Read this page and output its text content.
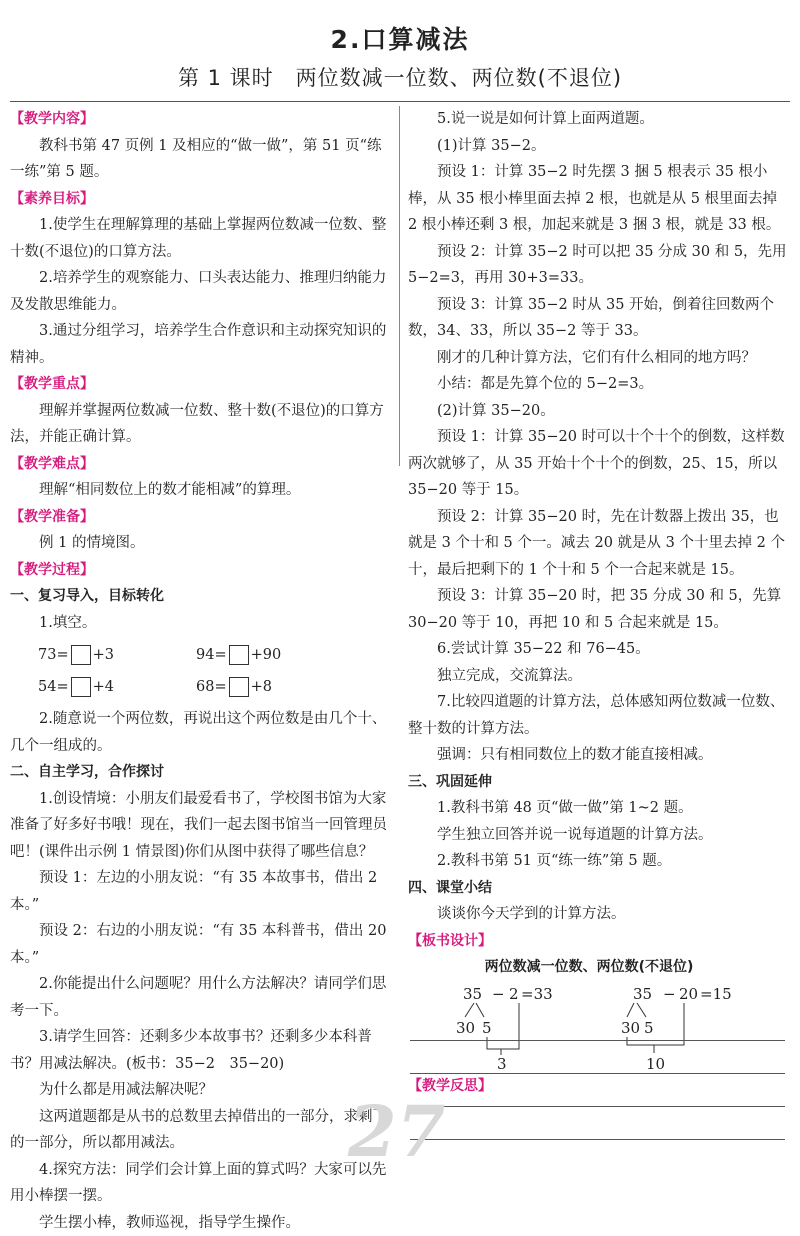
2.口算减法
第 1 课时　两位数减一位数、两位数(不退位)

【教学内容】

教科书第 47 页例 1 及相应的“做一做”，第 51 页“练一练”第 5 题。

【素养目标】

1.使学生在理解算理的基础上掌握两位数减一位数、整十数(不退位)的口算方法。

2.培养学生的观察能力、口头表达能力、推理归纳能力及发散思维能力。

3.通过分组学习，培养学生合作意识和主动探究知识的精神。

【教学重点】

理解并掌握两位数减一位数、整十数(不退位)的口算方法，并能正确计算。

【教学难点】

理解“相同数位上的数才能相减”的算理。

【教学准备】

例 1 的情境图。

【教学过程】

一、复习导入，目标转化

1.填空。

73= +3	94= +90
54= +4	68= +8

2.随意说一个两位数，再说出这个两位数是由几个十、几个一组成的。

二、自主学习，合作探讨

1.创设情境：小朋友们最爱看书了，学校图书馆为大家准备了好多好书哦！现在，我们一起去图书馆当一回管理员吧！(课件出示例 1 情景图)你们从图中获得了哪些信息？

预设 1：左边的小朋友说：“有 35 本故事书，借出 2 本。”

预设 2：右边的小朋友说：“有 35 本科普书，借出 20 本。”

2.你能提出什么问题呢？用什么方法解决？请同学们思考一下。

3.请学生回答：还剩多少本故事书？还剩多少本科普书？用减法解决。(板书：35−2　35−20)

为什么都是用减法解决呢？

这两道题都是从书的总数里去掉借出的一部分，求剩下的一部分，所以都用减法。

4.探究方法：同学们会计算上面的算式吗？大家可以先用小棒摆一摆。

学生摆小棒，教师巡视，指导学生操作。

5.说一说是如何计算上面两道题。

(1)计算 35−2。

预设 1：计算 35−2 时先摆 3 捆 5 根表示 35 根小棒，从 35 根小棒里面去掉 2 根，也就是从 5 根里面去掉 2 根小棒还剩 3 根，加起来就是 3 捆 3 根，就是 33 根。

预设 2：计算 35−2 时可以把 35 分成 30 和 5，先用 5−2=3，再用 30+3=33。

预设 3：计算 35−2 时从 35 开始，倒着往回数两个数，34、33，所以 35−2 等于 33。

刚才的几种计算方法，它们有什么相同的地方吗？

小结：都是先算个位的 5−2=3。

(2)计算 35−20。

预设 1：计算 35−20 时可以十个十个的倒数，这样数两次就够了，从 35 开始十个十个的倒数，25、15，所以 35−20 等于 15。

预设 2：计算 35−20 时，先在计数器上拨出 35，也就是 3 个十和 5 个一。减去 20 就是从 3 个十里去掉 2 个十，最后把剩下的 1 个十和 5 个一合起来就是 15。

预设 3：计算 35−20 时，把 35 分成 30 和 5，先算 30−20 等于 10，再把 10 和 5 合起来就是 15。

6.尝试计算 35−22 和 76−45。

独立完成，交流算法。

7.比较四道题的计算方法，总体感知两位数减一位数、整十数的计算方法。

强调：只有相同数位上的数才能直接相减。

三、巩固延伸

1.教科书第 48 页“做一做”第 1~2 题。

学生独立回答并说一说每道题的计算方法。

2.教科书第 51 页“练一练”第 5 题。

四、课堂小结

谈谈你今天学到的计算方法。

【板书设计】

两位数减一位数、两位数(不退位)

35 − 2 =33
30 5
3
35 − 20 =15
30 5
10

【教学反思】

27
